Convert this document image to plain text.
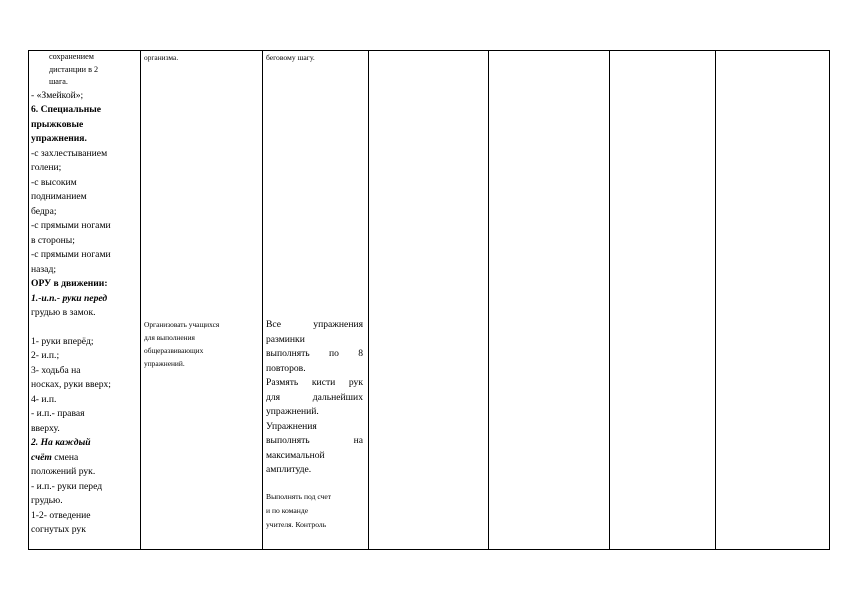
сохранением

дистанции в 2

шага.

- «Змейкой»;

6. Специальные

прыжковые

упражнения.

-с захлестыванием

голени;

-с высоким

подниманием

бедра;

-с прямыми ногами

в стороны;

-с прямыми ногами

назад;

ОРУ в движении:

1.-и.п.- руки перед

грудью в замок.

1- руки вперёд;

2- и.п.;

3- ходьба на

носках, руки вверх;

4- и.п.

- и.п.- правая

вверху.

2. На каждый

счёт смена

положений рук.

- и.п.- руки перед

грудью.

1-2- отведение

согнутых рук

организма.

Организовать учащихся

для выполнения

общеразвивающих

упражнений.

беговому шагу.

Все упражнения

разминки

выполнять по 8

повторов.

Размять кисти рук

для дальнейших

упражнений.

Упражнения

выполнять на

максимальной

амплитуде.

Выполнять под счет

и по команде

учителя. Контроль
